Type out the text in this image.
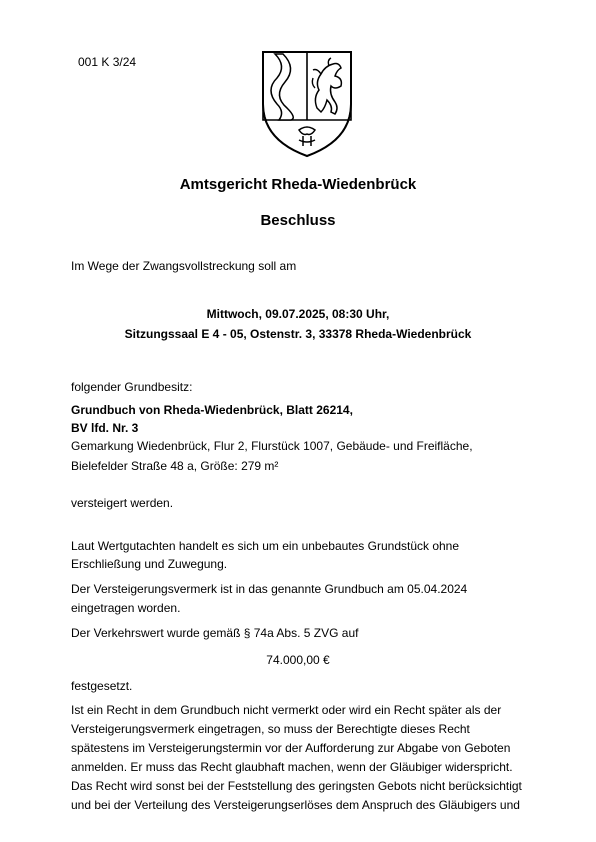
001 K 3/24
Amtsgericht Rheda-Wiedenbrück
Beschluss
Im Wege der Zwangsvollstreckung soll am
Mittwoch, 09.07.2025, 08:30 Uhr,
Sitzungssaal E 4 - 05, Ostenstr. 3, 33378 Rheda-Wiedenbrück
folgender Grundbesitz:
Grundbuch von Rheda-Wiedenbrück, Blatt 26214,
BV lfd. Nr. 3
Gemarkung Wiedenbrück, Flur 2, Flurstück 1007, Gebäude- und Freifläche,
Bielefelder Straße 48 a, Größe: 279 m²
versteigert werden.
Laut Wertgutachten handelt es sich um ein unbebautes Grundstück ohne
Erschließung und Zuwegung.
Der Versteigerungsvermerk ist in das genannte Grundbuch am 05.04.2024
eingetragen worden.
Der Verkehrswert wurde gemäß § 74a Abs. 5 ZVG auf
74.000,00 €
festgesetzt.
Ist ein Recht in dem Grundbuch nicht vermerkt oder wird ein Recht später als der
Versteigerungsvermerk eingetragen, so muss der Berechtigte dieses Recht
spätestens im Versteigerungstermin vor der Aufforderung zur Abgabe von Geboten
anmelden. Er muss das Recht glaubhaft machen, wenn der Gläubiger widerspricht.
Das Recht wird sonst bei der Feststellung des geringsten Gebots nicht berücksichtigt
und bei der Verteilung des Versteigerungserlöses dem Anspruch des Gläubigers und
